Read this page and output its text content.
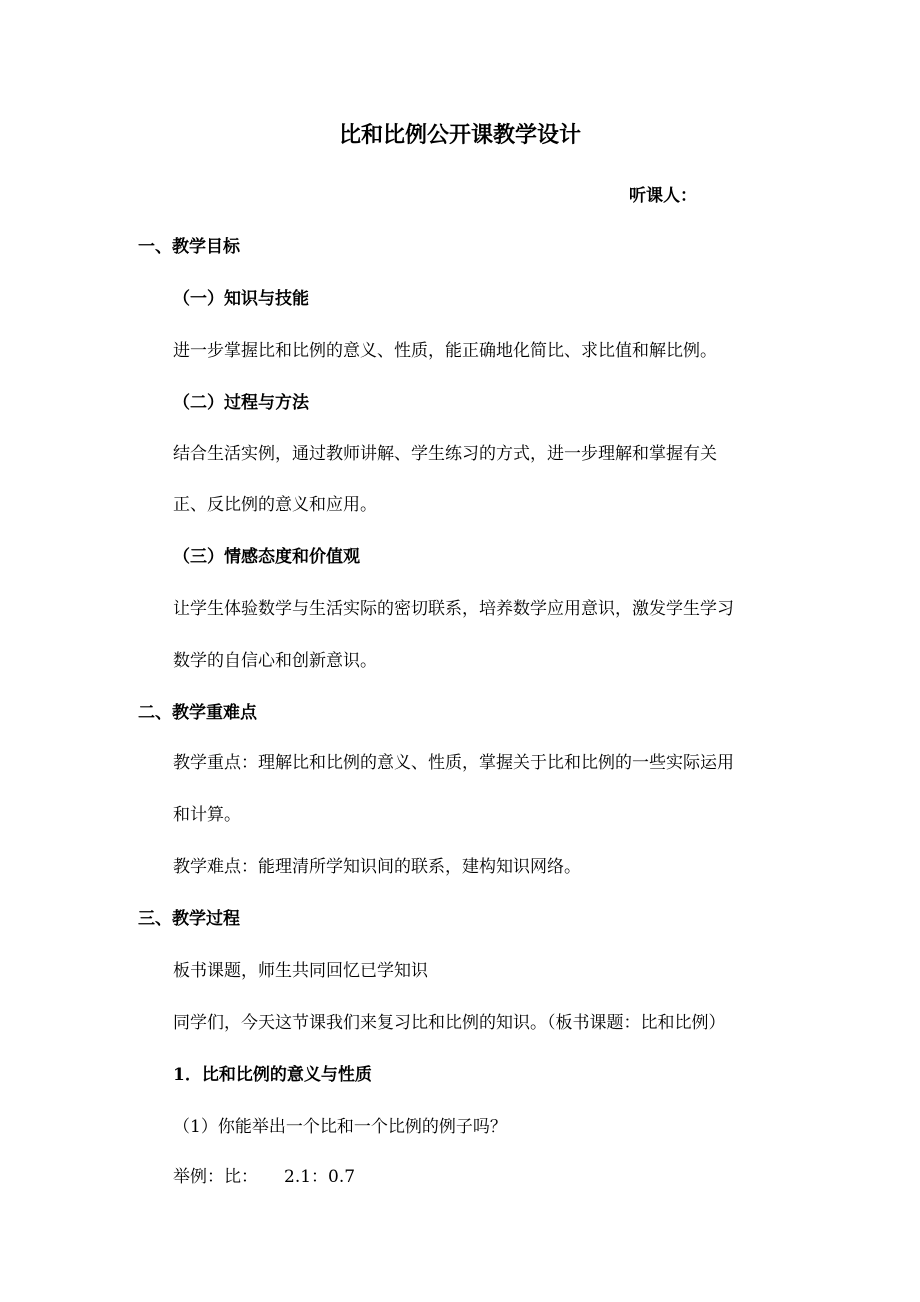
比和比例公开课教学设计
听课人：
一、教学目标
（一）知识与技能
进一步掌握比和比例的意义、性质，能正确地化简比、求比值和解比例。
（二）过程与方法
结合生活实例，通过教师讲解、学生练习的方式，进一步理解和掌握有关
正、反比例的意义和应用。
（三）情感态度和价值观
让学生体验数学与生活实际的密切联系，培养数学应用意识，激发学生学习
数学的自信心和创新意识。
二、教学重难点
教学重点：理解比和比例的意义、性质，掌握关于比和比例的一些实际运用
和计算。
教学难点：能理清所学知识间的联系，建构知识网络。
三、教学过程
板书课题，师生共同回忆已学知识
同学们，今天这节课我们来复习比和比例的知识。（板书课题：比和比例）
1．比和比例的意义与性质
（1）你能举出一个比和一个比例的例子吗？
举例：比： 2.1：0.7
